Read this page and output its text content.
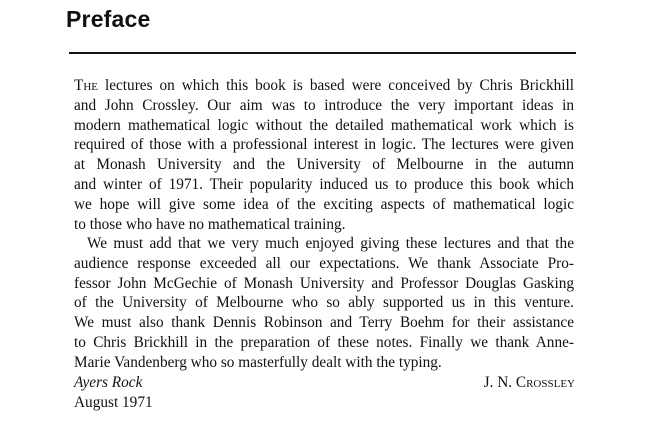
Preface
The lectures on which this book is based were conceived by Chris Brickhill
and John Crossley. Our aim was to introduce the very important ideas in
modern mathematical logic without the detailed mathematical work which is
required of those with a professional interest in logic. The lectures were given
at Monash University and the University of Melbourne in the autumn
and winter of 1971. Their popularity induced us to produce this book which
we hope will give some idea of the exciting aspects of mathematical logic
to those who have no mathematical training.
We must add that we very much enjoyed giving these lectures and that the
audience response exceeded all our expectations. We thank Associate Pro-
fessor John McGechie of Monash University and Professor Douglas Gasking
of the University of Melbourne who so ably supported us in this venture.
We must also thank Dennis Robinson and Terry Boehm for their assistance
to Chris Brickhill in the preparation of these notes. Finally we thank Anne-
Marie Vandenberg who so masterfully dealt with the typing.
Ayers Rock
August 1971
J. N. Crossley
